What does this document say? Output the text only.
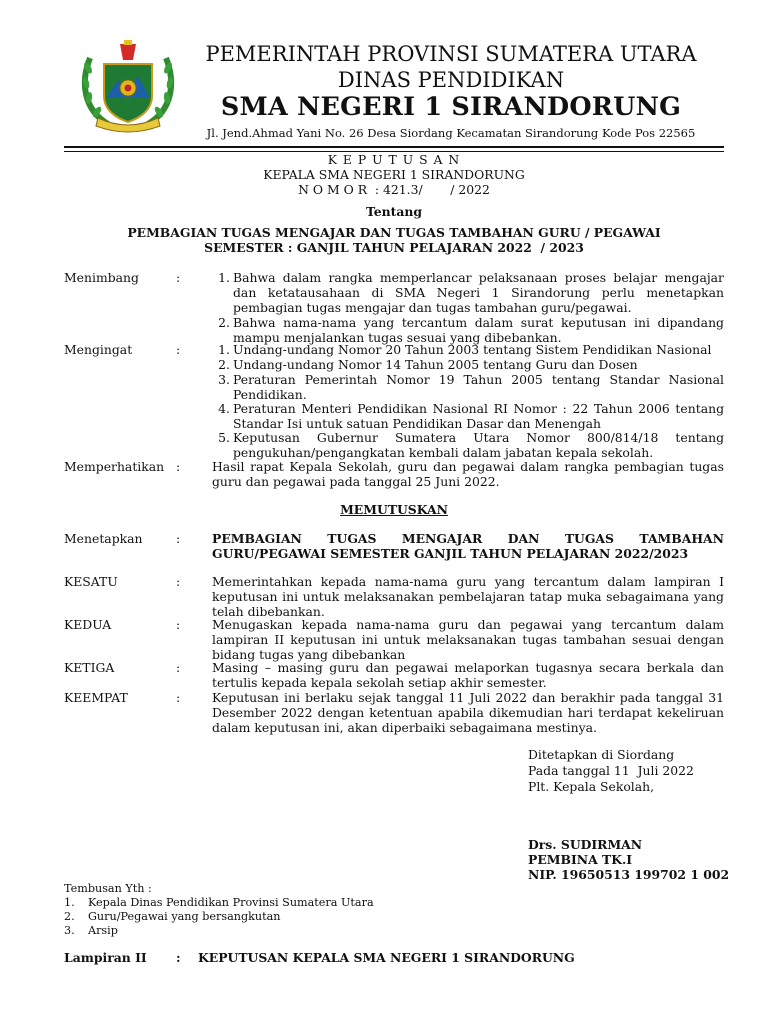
PEMERINTAH PROVINSI SUMATERA UTARA
DINAS PENDIDIKAN
SMA NEGERI 1 SIRANDORUNG
Jl. Jend.Ahmad Yani No. 26 Desa Siordang Kecamatan Sirandorung Kode Pos 22565
K E P U T U S A N
KEPALA SMA NEGERI 1 SIRANDORUNG
N O M O R  : 421.3/       / 2022
Tentang
PEMBAGIAN TUGAS MENGAJAR DAN TUGAS TAMBAHAN GURU / PEGAWAI
SEMESTER : GANJIL TAHUN PELAJARAN 2022  / 2023
Menimbang	:	1. Bahwa dalam rangka memperlancar pelaksanaan proses belajar mengajar dan ketatausahaan di SMA Negeri 1 Sirandorung perlu menetapkan pembagian tugas mengajar dan tugas tambahan guru/pegawai.
2. Bahwa nama-nama yang tercantum dalam surat keputusan ini dipandang mampu menjalankan tugas sesuai yang dibebankan.
Mengingat	:	1. Undang-undang Nomor 20 Tahun 2003 tentang Sistem Pendidikan Nasional
2. Undang-undang Nomor 14 Tahun 2005 tentang Guru dan Dosen
3. Peraturan Pemerintah Nomor 19 Tahun 2005 tentang Standar Nasional Pendidikan.
4. Peraturan Menteri Pendidikan Nasional RI Nomor : 22 Tahun 2006 tentang Standar Isi untuk satuan Pendidikan Dasar dan Menengah
5. Keputusan Gubernur Sumatera Utara Nomor 800/814/18 tentang pengukuhan/pengangkatan kembali dalam jabatan kepala sekolah.
Memperhatikan :	Hasil rapat Kepala Sekolah, guru dan pegawai dalam rangka pembagian tugas guru dan pegawai pada tanggal 25 Juni 2022.
MEMUTUSKAN
Menetapkan	:	PEMBAGIAN TUGAS MENGAJAR DAN TUGAS TAMBAHAN GURU/PEGAWAI SEMESTER GANJIL TAHUN PELAJARAN 2022/2023
KESATU	:	Memerintahkan kepada nama-nama guru yang tercantum dalam lampiran I keputusan ini untuk melaksanakan pembelajaran tatap muka sebagaimana yang telah dibebankan.
KEDUA	:	Menugaskan kepada nama-nama guru dan pegawai yang tercantum dalam lampiran II keputusan ini untuk melaksanakan tugas tambahan sesuai dengan bidang tugas yang dibebankan
KETIGA	:	Masing – masing guru dan pegawai melaporkan tugasnya secara berkala dan tertulis kepada kepala sekolah setiap akhir semester.
KEEMPAT	:	Keputusan ini berlaku sejak tanggal 11 Juli 2022 dan berakhir pada tanggal 31 Desember 2022 dengan ketentuan apabila dikemudian hari terdapat kekeliruan dalam keputusan ini, akan diperbaiki sebagaimana mestinya.
Ditetapkan di Siordang
Pada tanggal 11  Juli 2022
Plt. Kepala Sekolah,
Drs. SUDIRMAN
PEMBINA TK.I
NIP. 19650513 199702 1 002
Tembusan Yth :
1. Kepala Dinas Pendidikan Provinsi Sumatera Utara
2. Guru/Pegawai yang bersangkutan
3. Arsip
Lampiran II : KEPUTUSAN KEPALA SMA NEGERI 1 SIRANDORUNG
